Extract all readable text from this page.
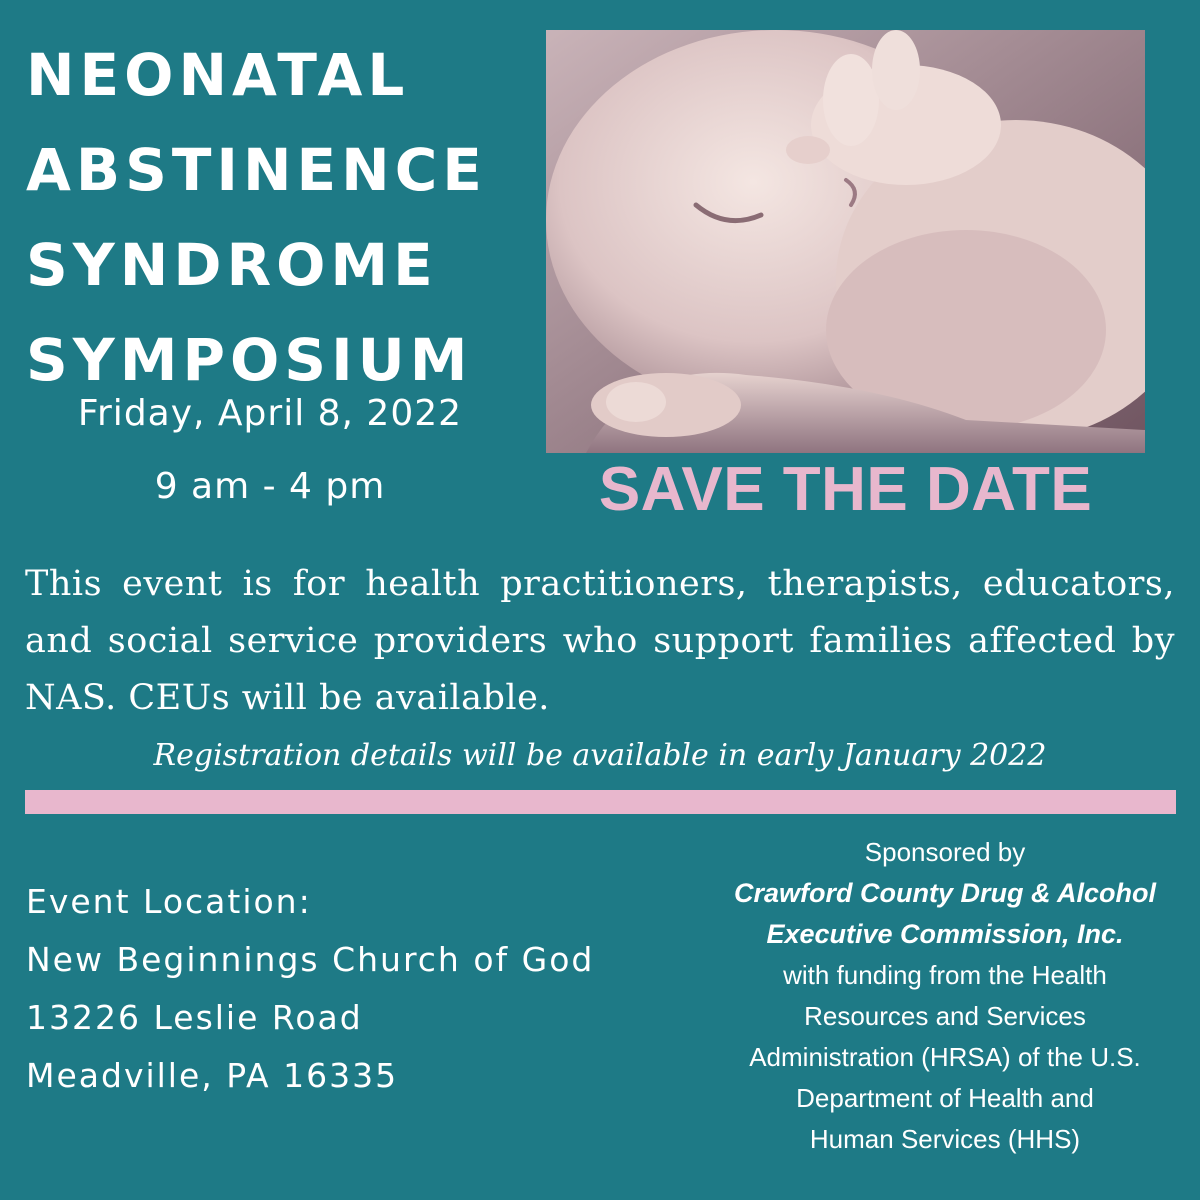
NEONATAL
ABSTINENCE
SYNDROME
SYMPOSIUM
Friday, April 8, 2022
9 am - 4 pm	SAVE THE DATE
This event is for health practitioners, therapists, educators, and social service providers who support families affected by NAS. CEUs will be available.
Registration details will be available in early January 2022
Event Location:
New Beginnings Church of God
13226 Leslie Road
Meadville, PA 16335
Sponsored by
Crawford County Drug & Alcohol
Executive Commission, Inc.
with funding from the Health
Resources and Services
Administration (HRSA) of the U.S.
Department of Health and
Human Services (HHS)
